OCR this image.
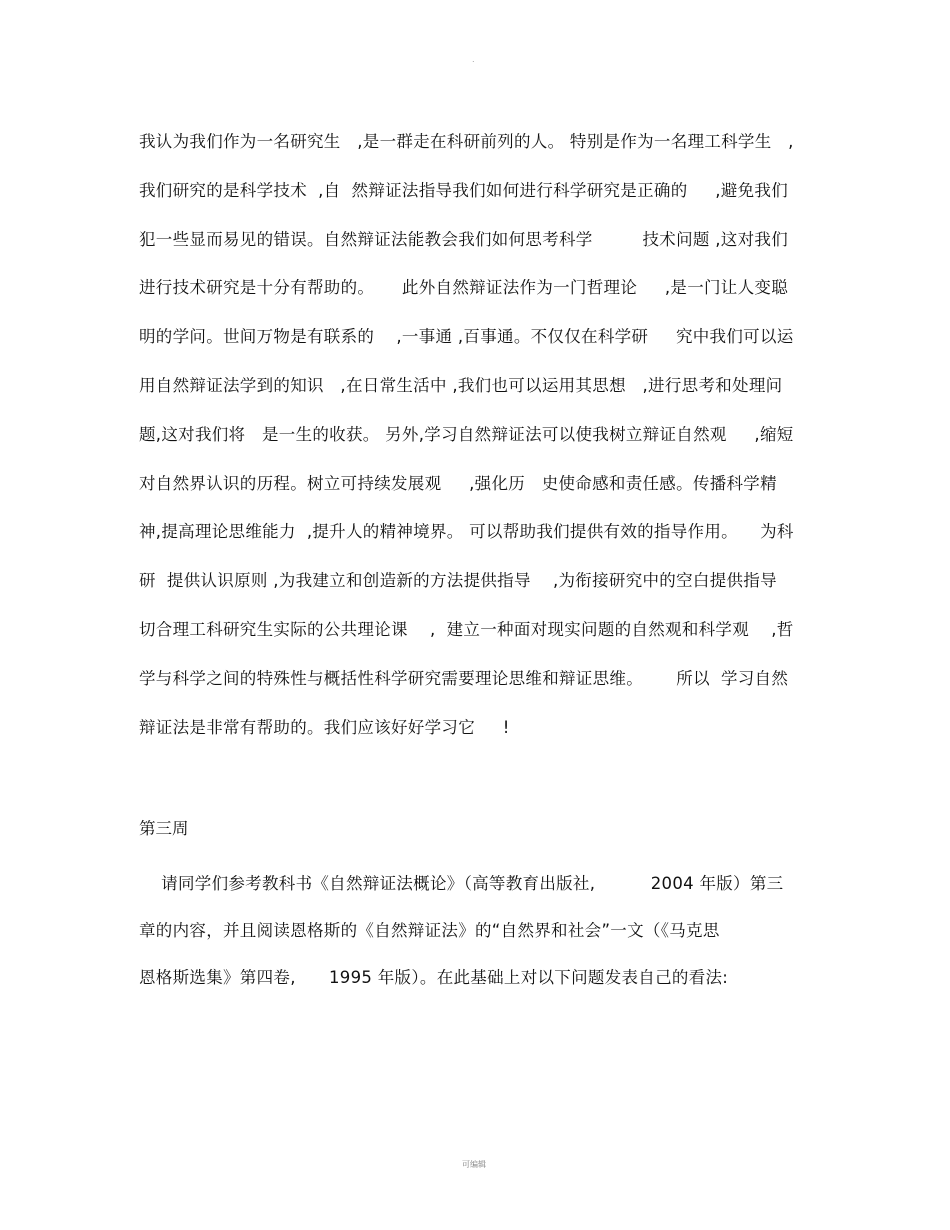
.
我认为我们作为一名研究生   ,是一群走在科研前列的人。 特别是作为一名理工科学生   ,
我们研究的是科学技术  ,自  然辩证法指导我们如何进行科学研究是正确的     ,避免我们
犯一些显而易见的错误。自然辩证法能教会我们如何思考科学         技术问题 ,这对我们
进行技术研究是十分有帮助的。     此外自然辩证法作为一门哲理论     ,是一门让人变聪
明的学问。世间万物是有联系的    ,一事通 ,百事通。不仅仅在科学研     究中我们可以运
用自然辩证法学到的知识   ,在日常生活中 ,我们也可以运用其思想   ,进行思考和处理问
题,这对我们将   是一生的收获。 另外,学习自然辩证法可以使我树立辩证自然观     ,缩短
对自然界认识的历程。树立可持续发展观     ,强化历   史使命感和责任感。传播科学精
神,提高理论思维能力  ,提升人的精神境界。 可以帮助我们提供有效的指导作用。    为科
研  提供认识原则 ,为我建立和创造新的方法提供指导    ,为衔接研究中的空白提供指导
切合理工科研究生实际的公共理论课    ,  建立一种面对现实问题的自然观和科学观    ,哲
学与科学之间的特殊性与概括性科学研究需要理论思维和辩证思维。      所以  学习自然
辩证法是非常有帮助的。我们应该好好学习它     !
第三周
请同学们参考教科书《自然辩证法概论》（高等教育出版社,          2004 年版）第三
章的内容，并且阅读恩格斯的《自然辩证法》的“自然界和社会”一文（《马克思
恩格斯选集》第四卷,      1995 年版）。在此基础上对以下问题发表自己的看法:
可编辑
